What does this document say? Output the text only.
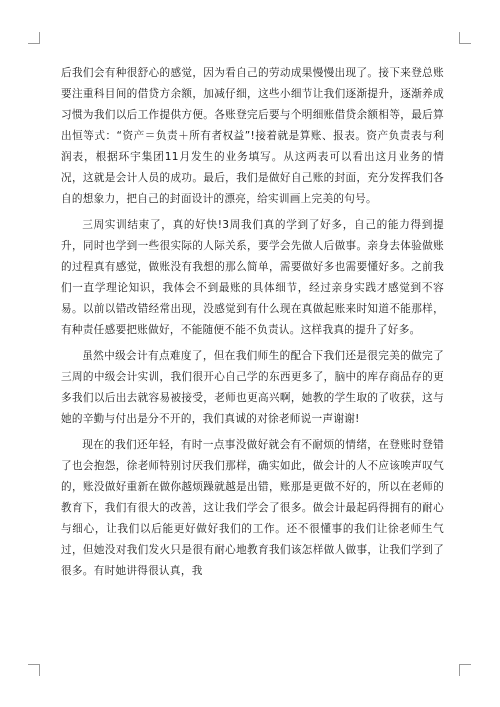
后我们会有种很舒心的感觉，因为看自己的劳动成果慢慢出现了。接下来登总账要注重科目间的借贷方余额，加减仔细，这些小细节让我们逐渐提升，逐渐养成习惯为我们以后工作提供方便。各账登完后要与个明细账借贷余额相等，最后算出恒等式：“资产＝负责＋所有者权益”!接着就是算账、报表。资产负责表与利润表，根据环宇集团11月发生的业务填写。从这两表可以看出这月业务的情况，这就是会计人员的成功。最后，我们是做好自己账的封面，充分发挥我们各自的想象力，把自己的封面设计的漂亮，给实训画上完美的句号。

三周实训结束了，真的好快!3周我们真的学到了好多，自己的能力得到提升，同时也学到一些很实际的人际关系，要学会先做人后做事。亲身去体验做账的过程真有感觉，做账没有我想的那么简单，需要做好多也需要懂好多。之前我们一直学理论知识，我体会不到最账的具体细节，经过亲身实践才感觉到不容易。以前以错改错经常出现，没感觉到有什么现在真做起账来时知道不能那样，有种责任感要把账做好，不能随便不能不负责认。这样我真的提升了好多。

虽然中级会计有点难度了，但在我们师生的配合下我们还是很完美的做完了三周的中级会计实训，我们很开心自己学的东西更多了，脑中的库存商品存的更多我们以后出去就容易被接受，老师也更高兴啊，她教的学生取的了收获，这与她的辛勤与付出是分不开的，我们真诚的对徐老师说一声谢谢!

现在的我们还年轻，有时一点事没做好就会有不耐烦的情绪，在登账时登错了也会抱怨，徐老师特别讨厌我们那样，确实如此，做会计的人不应该唉声叹气的，账没做好重新在做你越烦躁就越是出错，账那是更做不好的，所以在老师的教育下，我们有很大的改善，这让我们学会了很多。做会计最起码得拥有的耐心与细心，让我们以后能更好做好我们的工作。还不很懂事的我们让徐老师生气过，但她没对我们发火只是很有耐心地教育我们该怎样做人做事，让我们学到了很多。有时她讲得很认真，我
